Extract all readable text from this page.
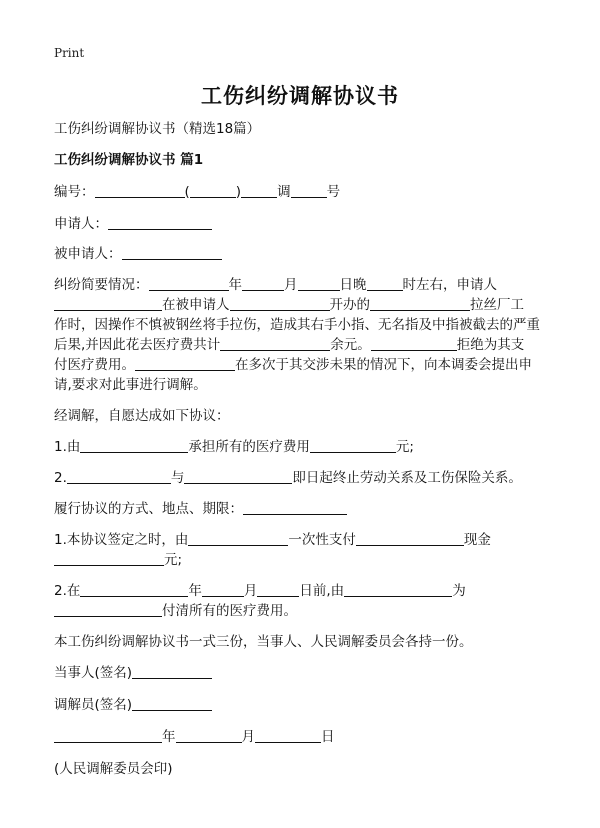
Print
工伤纠纷调解协议书
工伤纠纷调解协议书（精选18篇）
工伤纠纷调解协议书 篇1
编号：	(	)	调	号
申请人：
被申请人：
纠纷简要情况：	年	月	日晚	时左右，申请人
在被申请人	开办的	拉丝厂工
作时，因操作不慎被钢丝将手拉伤，造成其右手小指、无名指及中指被截去的严重
后果,并因此花去医疗费共计	余元。	拒绝为其支
付医疗费用。	在多次于其交涉未果的情况下，向本调委会提出申
请,要求对此事进行调解。
经调解，自愿达成如下协议：
1.由	承担所有的医疗费用	元;
2.	与	即日起终止劳动关系及工伤保险关系。
履行协议的方式、地点、期限：
1.本协议签定之时，由	一次性支付	现金
元;
2.在	年	月	日前,由	为
付清所有的医疗费用。
本工伤纠纷调解协议书一式三份，当事人、人民调解委员会各持一份。
当事人(签名)
调解员(签名)
年	月	日
(人民调解委员会印)
